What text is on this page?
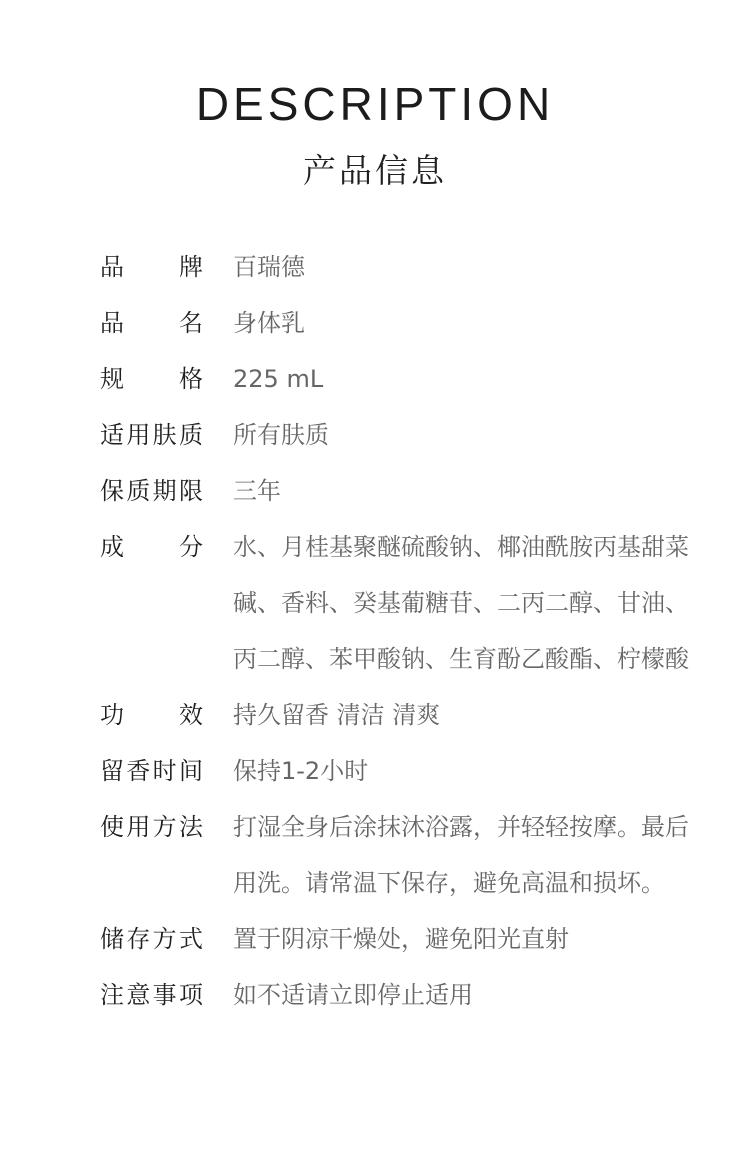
DESCRIPTION
产品信息
品牌 百瑞德
品名 身体乳
规格 225 mL
适用肤质 所有肤质
保质期限 三年
成分 水、月桂基聚醚硫酸钠、椰油酰胺丙基甜菜碱、香料、癸基葡糖苷、二丙二醇、甘油、丙二醇、苯甲酸钠、生育酚乙酸酯、柠檬酸
功效 持久留香 清洁 清爽
留香时间 保持1-2小时
使用方法 打湿全身后涂抹沐浴露，并轻轻按摩。最后用洗。请常温下保存，避免高温和损坏。
储存方式 置于阴凉干燥处，避免阳光直射
注意事项 如不适请立即停止适用
